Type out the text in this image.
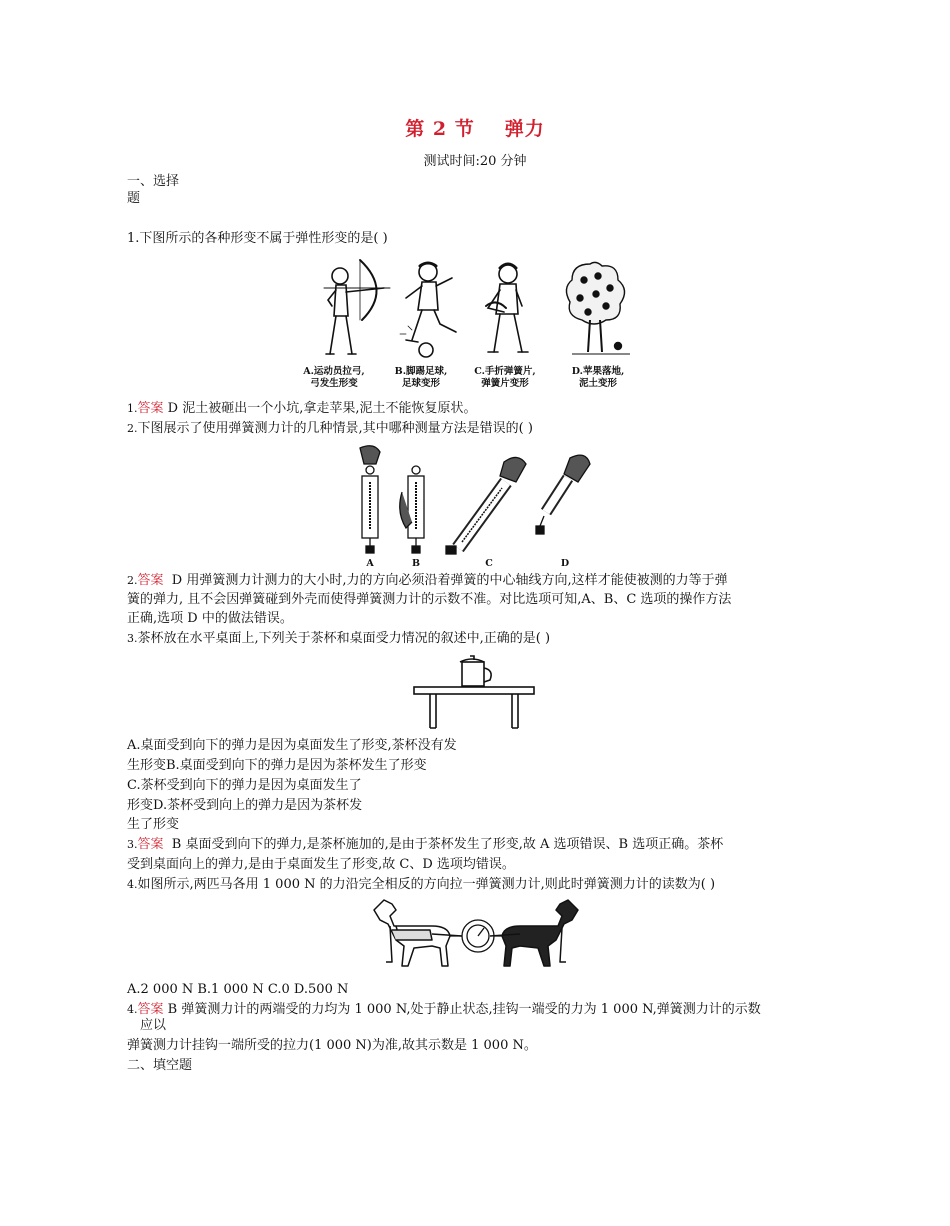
第 2 节 弹力
测试时间:20 分钟
一、选择
题
1.下图所示的各种形变不属于弹性形变的是( )
A.运动员拉弓,
弓发生形变
B.脚踢足球,
足球变形
C.手折弹簧片,
弹簧片变形
D.苹果落地,
泥土变形
1.答案 D 泥土被砸出一个小坑,拿走苹果,泥土不能恢复原状。
2.下图展示了使用弹簧测力计的几种情景,其中哪种测量方法是错误的( )
A	B	C	D
2.答案 D 用弹簧测力计测力的大小时,力的方向必须沿着弹簧的中心轴线方向,这样才能使被测的力等于弹
簧的弹力, 且不会因弹簧碰到外壳而使得弹簧测力计的示数不准。对比选项可知,A、B、C 选项的操作方法
正确,选项 D 中的做法错误。
3.茶杯放在水平桌面上,下列关于茶杯和桌面受力情况的叙述中,正确的是( )
A.桌面受到向下的弹力是因为桌面发生了形变,茶杯没有发
生形变B.桌面受到向下的弹力是因为茶杯发生了形变
C.茶杯受到向下的弹力是因为桌面发生了
形变D.茶杯受到向上的弹力是因为茶杯发
生了形变
3.答案 B 桌面受到向下的弹力,是茶杯施加的,是由于茶杯发生了形变,故 A 选项错误、B 选项正确。茶杯
受到桌面向上的弹力,是由于桌面发生了形变,故 C、D 选项均错误。
4.如图所示,两匹马各用 1 000 N 的力沿完全相反的方向拉一弹簧测力计,则此时弹簧测力计的读数为( )
A.2 000 N B.1 000 N C.0 D.500 N
4.答案 B 弹簧测力计的两端受的力均为 1 000 N,处于静止状态,挂钩一端受的力为 1 000 N,弹簧测力计的示数
应以
弹簧测力计挂钩一端所受的拉力(1 000 N)为准,故其示数是 1 000 N。
二、填空题
